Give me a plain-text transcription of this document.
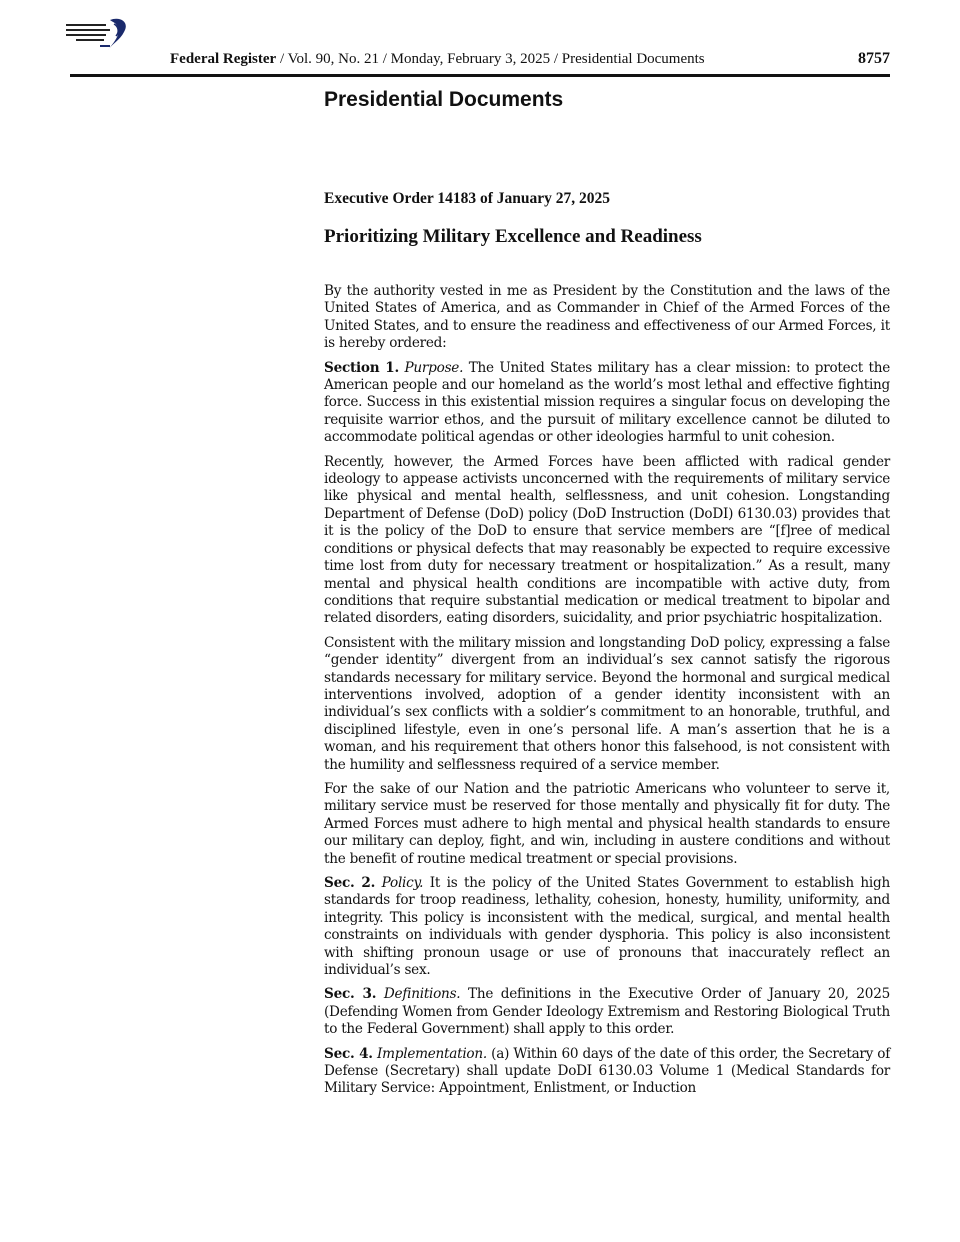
Federal Register / Vol. 90, No. 21 / Monday, February 3, 2025 / Presidential Documents	8757
Presidential Documents
Executive Order 14183 of January 27, 2025
Prioritizing Military Excellence and Readiness

By the authority vested in me as President by the Constitution and the laws of the United States of America, and as Commander in Chief of the Armed Forces of the United States, and to ensure the readiness and effectiveness of our Armed Forces, it is hereby ordered:

Section 1. Purpose. The United States military has a clear mission: to protect the American people and our homeland as the world’s most lethal and effective fighting force. Success in this existential mission requires a singular focus on developing the requisite warrior ethos, and the pursuit of military excellence cannot be diluted to accommodate political agendas or other ideologies harmful to unit cohesion.

Recently, however, the Armed Forces have been afflicted with radical gender ideology to appease activists unconcerned with the requirements of military service like physical and mental health, selflessness, and unit cohesion. Longstanding Department of Defense (DoD) policy (DoD Instruction (DoDI) 6130.03) provides that it is the policy of the DoD to ensure that service members are “[f]ree of medical conditions or physical defects that may reasonably be expected to require excessive time lost from duty for necessary treatment or hospitalization.” As a result, many mental and physical health conditions are incompatible with active duty, from conditions that require substantial medication or medical treatment to bipolar and related disorders, eating disorders, suicidality, and prior psychiatric hospitalization.

Consistent with the military mission and longstanding DoD policy, expressing a false “gender identity” divergent from an individual’s sex cannot satisfy the rigorous standards necessary for military service. Beyond the hormonal and surgical medical interventions involved, adoption of a gender identity inconsistent with an individual’s sex conflicts with a soldier’s commitment to an honorable, truthful, and disciplined lifestyle, even in one’s personal life. A man’s assertion that he is a woman, and his requirement that others honor this falsehood, is not consistent with the humility and selflessness required of a service member.

For the sake of our Nation and the patriotic Americans who volunteer to serve it, military service must be reserved for those mentally and physically fit for duty. The Armed Forces must adhere to high mental and physical health standards to ensure our military can deploy, fight, and win, including in austere conditions and without the benefit of routine medical treatment or special provisions.

Sec. 2. Policy. It is the policy of the United States Government to establish high standards for troop readiness, lethality, cohesion, honesty, humility, uniformity, and integrity. This policy is inconsistent with the medical, surgical, and mental health constraints on individuals with gender dysphoria. This policy is also inconsistent with shifting pronoun usage or use of pronouns that inaccurately reflect an individual’s sex.

Sec. 3. Definitions. The definitions in the Executive Order of January 20, 2025 (Defending Women from Gender Ideology Extremism and Restoring Biological Truth to the Federal Government) shall apply to this order.

Sec. 4. Implementation. (a) Within 60 days of the date of this order, the Secretary of Defense (Secretary) shall update DoDI 6130.03 Volume 1 (Medical Standards for Military Service: Appointment, Enlistment, or Induction
